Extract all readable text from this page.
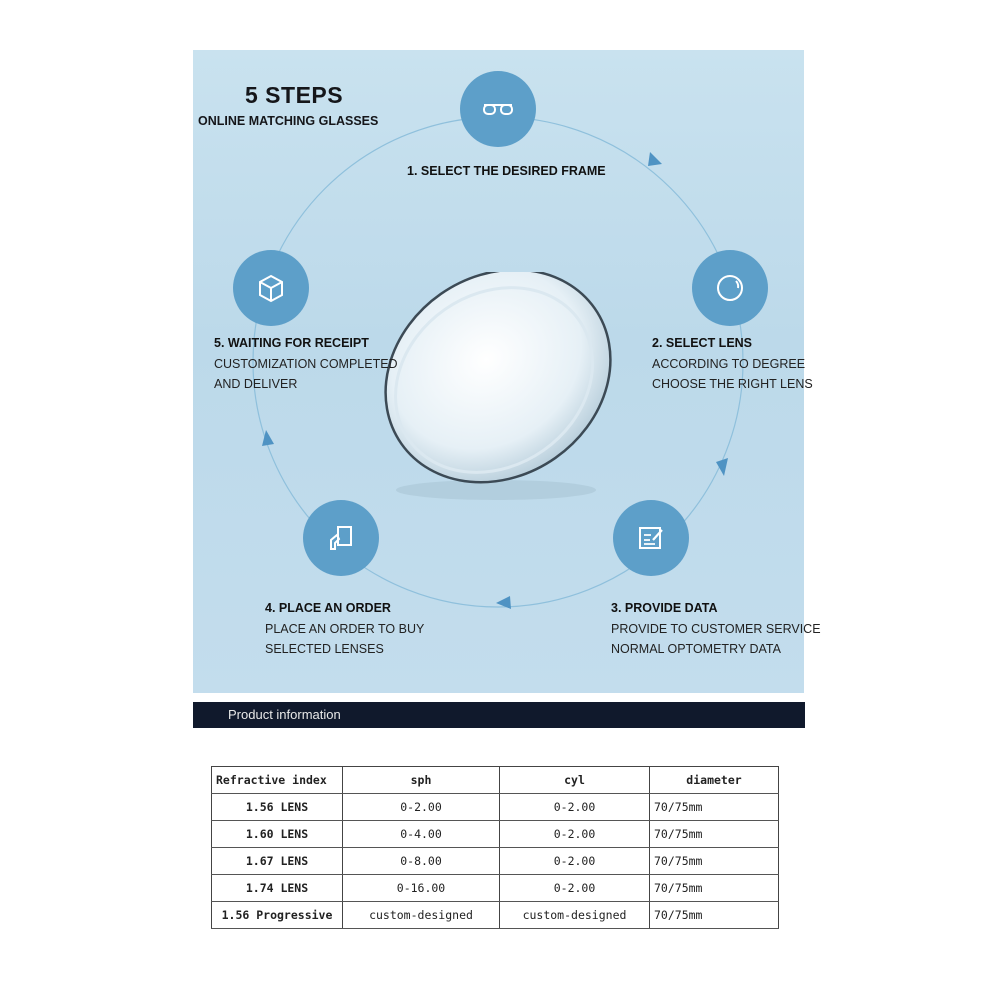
5 STEPS
ONLINE MATCHING GLASSES
1. SELECT THE DESIRED FRAME
2. SELECT LENS
ACCORDING TO DEGREE
CHOOSE THE RIGHT LENS
3. PROVIDE DATA
PROVIDE TO CUSTOMER SERVICE
NORMAL OPTOMETRY DATA
4. PLACE AN ORDER
PLACE AN ORDER TO BUY
SELECTED LENSES
5. WAITING FOR RECEIPT
CUSTOMIZATION COMPLETED
AND DELIVER
Product information
Refractive index	sph	cyl	diameter
1.56 LENS	0-2.00	0-2.00	70/75mm
1.60 LENS	0-4.00	0-2.00	70/75mm
1.67 LENS	0-8.00	0-2.00	70/75mm
1.74 LENS	0-16.00	0-2.00	70/75mm
1.56 Progressive	custom-designed	custom-designed	70/75mm
